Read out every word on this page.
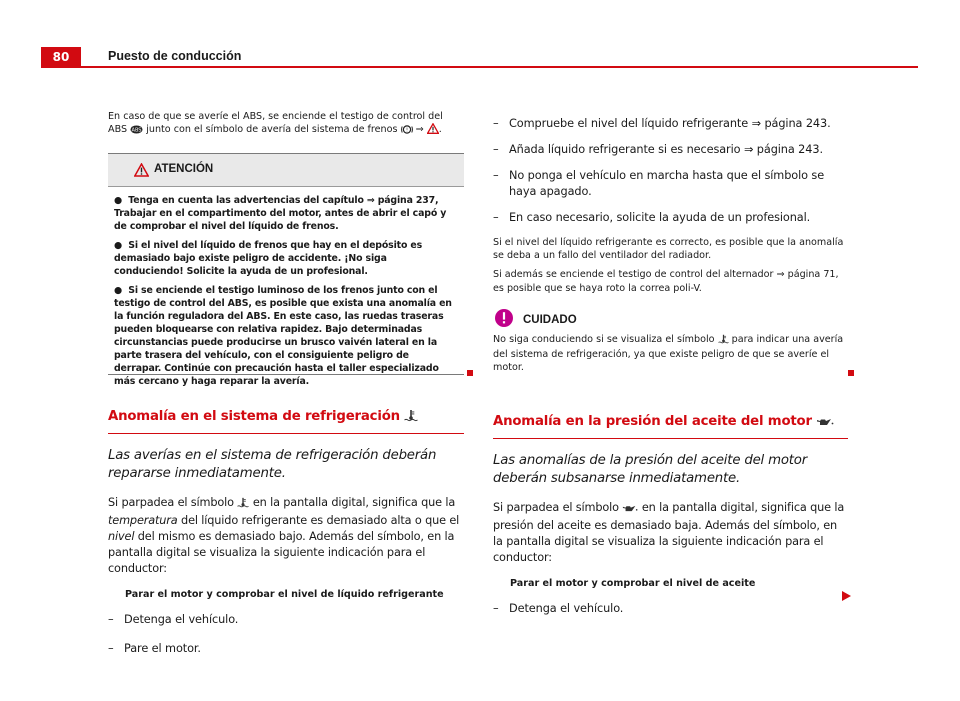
80	Puesto de conducción

En caso de que se averíe el ABS, se enciende el testigo de control del ABS ABS junto con el símbolo de avería del sistema de frenos ! ⇒ .

ATENCIÓN

●  Tenga en cuenta las advertencias del capítulo ⇒ página 237, Trabajar en el compartimento del motor, antes de abrir el capó y de comprobar el nivel del líquido de frenos.

●  Si el nivel del líquido de frenos que hay en el depósito es demasiado bajo existe peligro de accidente. ¡No siga conduciendo! Solicite la ayuda de un profesional.

●  Si se enciende el testigo luminoso de los frenos junto con el testigo de control del ABS, es posible que exista una anomalía en la función reguladora del ABS. En este caso, las ruedas traseras pueden bloquearse con relativa rapidez. Bajo determinadas circunstancias puede producirse un brusco vaivén lateral en la parte trasera del vehículo, con el consiguiente peligro de derrapar. Continúe con precaución hasta el taller especializado más cercano y haga reparar la avería.

Anomalía en el sistema de refrigeración

Las averías en el sistema de refrigeración deberán repararse inmediatamente.

Si parpadea el símbolo en la pantalla digital, significa que la temperatura del líquido refrigerante es demasiado alta o que el nivel del mismo es demasiado bajo. Además del símbolo, en la pantalla digital se visualiza la siguiente indicación para el conductor:

Parar el motor y comprobar el nivel de líquido refrigerante

– Detenga el vehículo.

– Pare el motor.

– Compruebe el nivel del líquido refrigerante ⇒ página 243.

– Añada líquido refrigerante si es necesario ⇒ página 243.

– No ponga el vehículo en marcha hasta que el símbolo se haya apagado.

– En caso necesario, solicite la ayuda de un profesional.

Si el nivel del líquido refrigerante es correcto, es posible que la anomalía se deba a un fallo del ventilador del radiador.

Si además se enciende el testigo de control del alternador ⇒ página 71, es posible que se haya roto la correa poli-V.

CUIDADO

No siga conduciendo si se visualiza el símbolo para indicar una avería del sistema de refrigeración, ya que existe peligro de que se averíe el motor.

Anomalía en la presión del aceite del motor

Las anomalías de la presión del aceite del motor deberán subsanarse inmediatamente.

Si parpadea el símbolo en la pantalla digital, significa que la presión del aceite es demasiado baja. Además del símbolo, en la pantalla digital se visualiza la siguiente indicación para el conductor:

Parar el motor y comprobar el nivel de aceite

– Detenga el vehículo.
